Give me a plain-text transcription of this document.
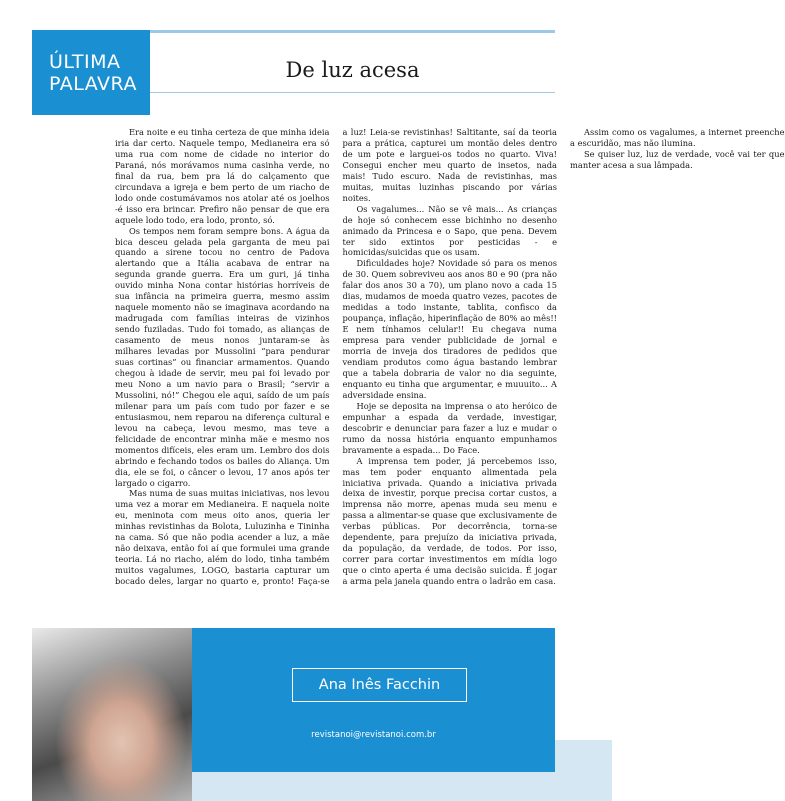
ÚLTIMA
PALAVRA
De luz acesa

Era noite e eu tinha certeza de que minha ideia iria dar certo. Naquele tempo, Medianeira era só uma rua com nome de cidade no interior do Paraná, nós morávamos numa casinha verde, no final da rua, bem pra lá do calçamento que circundava a igreja e bem perto de um riacho de lodo onde costumávamos nos atolar até os joelhos -é isso era brincar. Prefiro não pensar de que era aquele lodo todo, era lodo, pronto, só.

Os tempos nem foram sempre bons. A água da bica desceu gelada pela garganta de meu pai quando a sirene tocou no centro de Padova alertando que a Itália acabava de entrar na segunda grande guerra. Era um guri, já tinha ouvido minha Nona contar histórias horríveis de sua infância na primeira guerra, mesmo assim naquele momento não se imaginava acordando na madrugada com famílias inteiras de vizinhos sendo fuziladas. Tudo foi tomado, as alianças de casamento de meus nonos juntaram-se às milhares levadas por Mussolini “para pendurar suas cortinas” ou financiar armamentos. Quando chegou à idade de servir, meu pai foi levado por meu Nono a um navio para o Brasil; “servir a Mussolini, nó!” Chegou ele aqui, saído de um país milenar para um país com tudo por fazer e se entusiasmou, nem reparou na diferença cultural e levou na cabeça, levou mesmo, mas teve a felicidade de encontrar minha mãe e mesmo nos momentos difíceis, eles eram um. Lembro dos dois abrindo e fechando todos os bailes do Aliança. Um dia, ele se foi, o câncer o levou, 17 anos após ter largado o cigarro.

Mas numa de suas muitas iniciativas, nos levou uma vez a morar em Medianeira. E naquela noite eu, meninota com meus oito anos, queria ler minhas revistinhas da Bolota, Luluzinha e Tininha na cama. Só que não podia acender a luz, a mãe não deixava, então foi aí que formulei uma grande teoria. Lá no riacho, além do lodo, tinha também muitos vagalumes, LOGO, bastaria capturar um bocado deles, largar no quarto e, pronto! Faça-se a luz! Leia-se revistinhas! Saltitante, saí da teoria para a prática, capturei um montão deles dentro de um pote e larguei-os todos no quarto. Viva! Consegui encher meu quarto de insetos, nada mais! Tudo escuro. Nada de revistinhas, mas muitas, muitas luzinhas piscando por várias noites.

Os vagalumes... Não se vê mais... As crianças de hoje só conhecem esse bichinho no desenho animado da Princesa e o Sapo, que pena. Devem ter sido extintos por pesticidas - e homicidas/suicidas que os usam.

Dificuldades hoje? Novidade só para os menos de 30. Quem sobreviveu aos anos 80 e 90 (pra não falar dos anos 30 a 70), um plano novo a cada 15 dias, mudamos de moeda quatro vezes, pacotes de medidas a todo instante, tablita, confisco da poupança, inflação, hiperinflação de 80% ao mês!! E nem tínhamos celular!! Eu chegava numa empresa para vender publicidade de jornal e morria de inveja dos tiradores de pedidos que vendiam produtos como água bastando lembrar que a tabela dobraria de valor no dia seguinte, enquanto eu tinha que argumentar, e muuuito... A adversidade ensina.

Hoje se deposita na imprensa o ato heróico de empunhar a espada da verdade, investigar, descobrir e denunciar para fazer a luz e mudar o rumo da nossa história enquanto empunhamos bravamente a espada... Do Face.

A imprensa tem poder, já percebemos isso, mas tem poder enquanto alimentada pela iniciativa privada. Quando a iniciativa privada deixa de investir, porque precisa cortar custos, a imprensa não morre, apenas muda seu menu e passa a alimentar-se quase que exclusivamente de verbas públicas. Por decorrência, torna-se dependente, para prejuízo da iniciativa privada, da população, da verdade, de todos. Por isso, correr para cortar investimentos em mídia logo que o cinto aperta é uma decisão suicida. É jogar a arma pela janela quando entra o ladrão em casa.

Assim como os vagalumes, a internet preenche a escuridão, mas não ilumina.

Se quiser luz, luz de verdade, você vai ter que manter acesa a sua lâmpada.

Ana Inês Facchin
revistanoi@revistanoi.com.br
